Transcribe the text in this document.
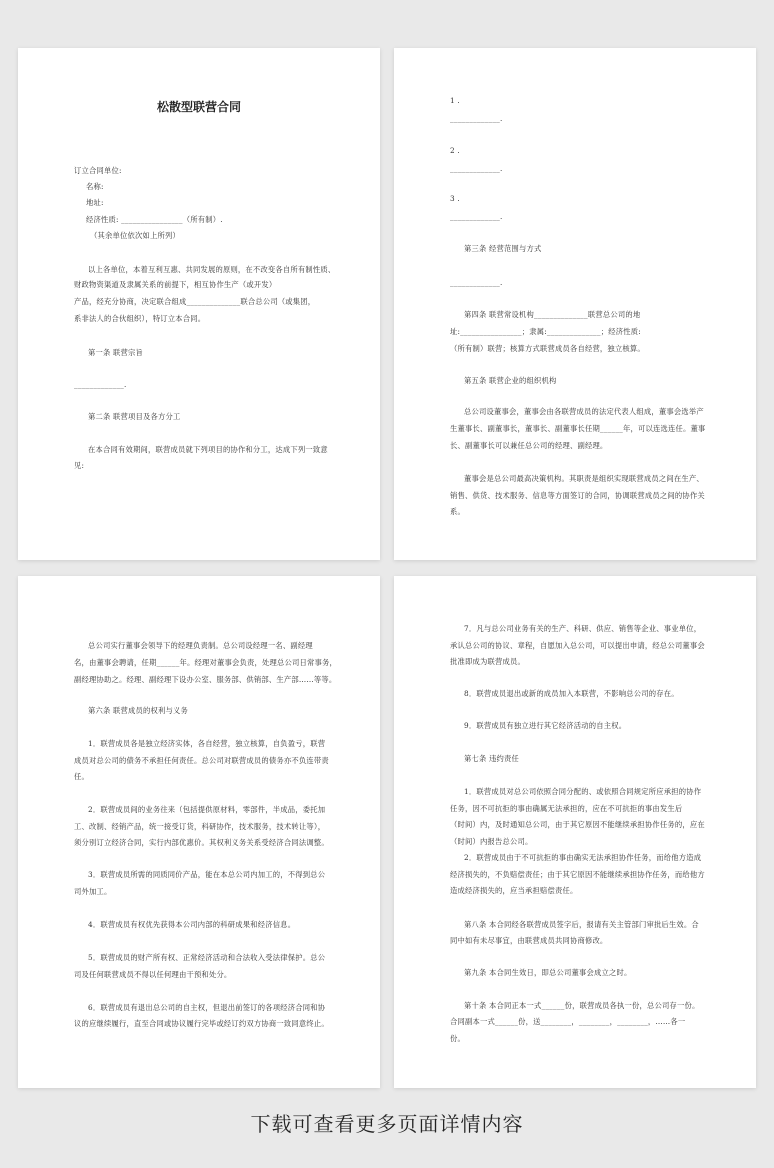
松散型联营合同
订立合同单位:
名称:
地址:
经济性质: ________________（所有制）.
（其余单位依次如上所列）
以上各单位，本着互利互惠、共同发展的原则，在不改变各自所有制性质、
财政物资渠道及隶属关系的前提下，相互协作生产（或开发）
产品，经充分协商，决定联合组成______________联合总公司（或集团，
系非法人的合伙组织），特订立本合同。
第一条 联营宗旨
_____________.
第二条 联营项目及各方分工
在本合同有效期间，联营成员就下列项目的协作和分工，达成下列一致意
见:
1 .
_____________.
2 .
_____________.
3 .
_____________.
第三条 经营范围与方式
_____________.
第四条 联营常设机构______________联营总公司的地
址:________________；隶属:______________；经济性质:
（所有制）联营；核算方式联营成员各自经营，独立核算。
第五条 联营企业的组织机构
总公司设董事会，董事会由各联营成员的法定代表人组成，董事会选举产
生董事长、副董事长，董事长、副董事长任期______年，可以连选连任。董事
长、副董事长可以兼任总公司的经理、副经理。
董事会是总公司最高决策机构。其职责是组织实现联营成员之间在生产、
销售、供货、技术服务、信息等方面签订的合同，协调联营成员之间的协作关
系。
总公司实行董事会领导下的经理负责制。总公司设经理一名、副经理
名，由董事会聘请，任期______年。经理对董事会负责，处理总公司日常事务，
副经理协助之。经理、副经理下设办公室、服务部、供销部、生产部……等等。
第六条 联营成员的权利与义务
1．联营成员各是独立经济实体，各自经营，独立核算，自负盈亏，联营
成员对总公司的债务不承担任何责任。总公司对联营成员的债务亦不负连带责
任。
2．联营成员间的业务往来（包括提供原材料，零部件，半成品，委托加
工、改制、经销产品，统一接受订货，科研协作，技术服务，技术转让等），
须分别订立经济合同，实行内部优惠价。其权利义务关系受经济合同法调整。
3．联营成员所需的同质同价产品，能在本总公司内加工的，不得到总公
司外加工。
4．联营成员有权优先获得本公司内部的科研成果和经济信息。
5．联营成员的财产所有权、正常经济活动和合法收入受法律保护。总公
司及任何联营成员不得以任何理由干预和处分。
6．联营成员有退出总公司的自主权，但退出前签订的各项经济合同和协
议的应继续履行，直至合同或协议履行完毕或经订约双方协商一致同意终止。
7．凡与总公司业务有关的生产、科研、供应、销售等企业、事业单位，
承认总公司的协议、章程，自愿加入总公司，可以提出申请，经总公司董事会
批准即成为联营成员。
8．联营成员退出或新的成员加入本联营，不影响总公司的存在。
9．联营成员有独立进行其它经济活动的自主权。
第七条 违约责任
1．联营成员对总公司依照合同分配的、或依照合同规定所应承担的协作
任务，因不可抗拒的事由确属无法承担的，应在不可抗拒的事由发生后
（时间）内，及时通知总公司，由于其它原因不能继续承担协作任务的，应在
（时间）内报告总公司。
2．联营成员由于不可抗拒的事由确实无法承担协作任务，而给他方造成
经济损失的，不负赔偿责任；由于其它原因不能继续承担协作任务，而给他方
造成经济损失的，应当承担赔偿责任。
第八条 本合同经各联营成员签字后，报请有关主管部门审批后生效。合
同中如有未尽事宜，由联营成员共同协商修改。
第九条 本合同生效日，即总公司董事会成立之时。
第十条 本合同正本一式______份，联营成员各执一份，总公司存一份。
合同副本一式______份，送________，________，________，……各一
份。
下载可查看更多页面详情内容
